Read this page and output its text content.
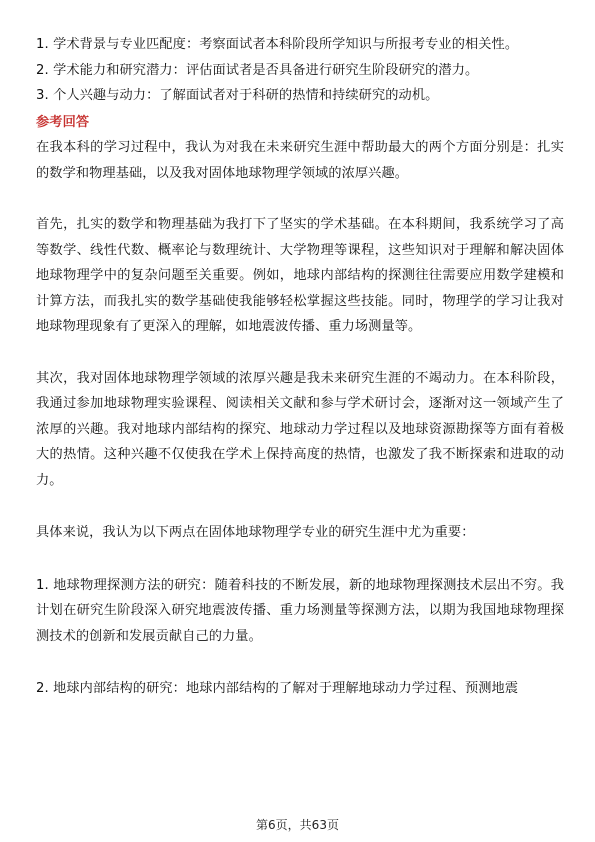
1. 学术背景与专业匹配度：考察面试者本科阶段所学知识与所报考专业的相关性。

2. 学术能力和研究潜力：评估面试者是否具备进行研究生阶段研究的潜力。

3. 个人兴趣与动力：了解面试者对于科研的热情和持续研究的动机。

参考回答

在我本科的学习过程中，我认为对我在未来研究生涯中帮助最大的两个方面分别是：扎实的数学和物理基础，以及我对固体地球物理学领域的浓厚兴趣。

首先，扎实的数学和物理基础为我打下了坚实的学术基础。在本科期间，我系统学习了高等数学、线性代数、概率论与数理统计、大学物理等课程，这些知识对于理解和解决固体地球物理学中的复杂问题至关重要。例如，地球内部结构的探测往往需要应用数学建模和计算方法，而我扎实的数学基础使我能够轻松掌握这些技能。同时，物理学的学习让我对地球物理现象有了更深入的理解，如地震波传播、重力场测量等。

其次，我对固体地球物理学领域的浓厚兴趣是我未来研究生涯的不竭动力。在本科阶段，我通过参加地球物理实验课程、阅读相关文献和参与学术研讨会，逐渐对这一领域产生了浓厚的兴趣。我对地球内部结构的探究、地球动力学过程以及地球资源勘探等方面有着极大的热情。这种兴趣不仅使我在学术上保持高度的热情，也激发了我不断探索和进取的动力。

具体来说，我认为以下两点在固体地球物理学专业的研究生涯中尤为重要：

1. 地球物理探测方法的研究：随着科技的不断发展，新的地球物理探测技术层出不穷。我计划在研究生阶段深入研究地震波传播、重力场测量等探测方法，以期为我国地球物理探测技术的创新和发展贡献自己的力量。

2. 地球内部结构的研究：地球内部结构的了解对于理解地球动力学过程、预测地震

第6页，共63页
